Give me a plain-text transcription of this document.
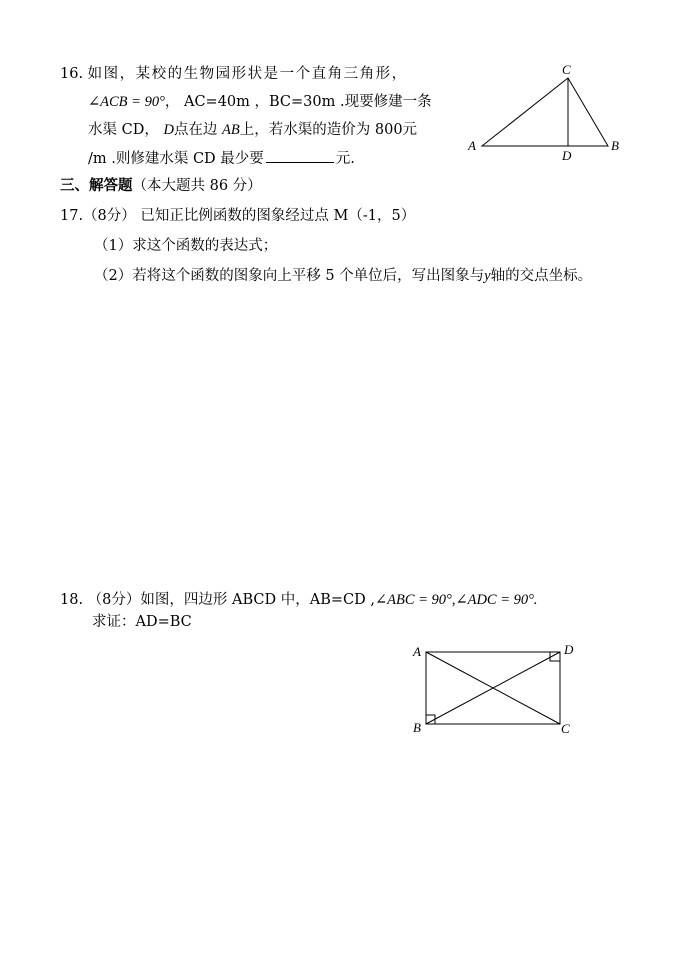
16. 如图，某校的生物园形状是一个直角三角形，
∠ACB = 90°， AC=40m ，BC=30m .现要修建一条
水渠 CD， D点在边 AB上，若水渠的造价为 800元
/m .则修建水渠 CD 最少要	元.
C
A
D
B
三、解答题（本大题共 86 分）
17.（8分） 已知正比例函数的图象经过点 M（-1，5）
（1）求这个函数的表达式；
（2）若将这个函数的图象向上平移 5 个单位后，写出图象与y轴的交点坐标。
18. （8分）如图，四边形 ABCD 中，AB=CD ,∠ABC = 90°,∠ADC = 90°.
求证：AD=BC
A	D
B	C
